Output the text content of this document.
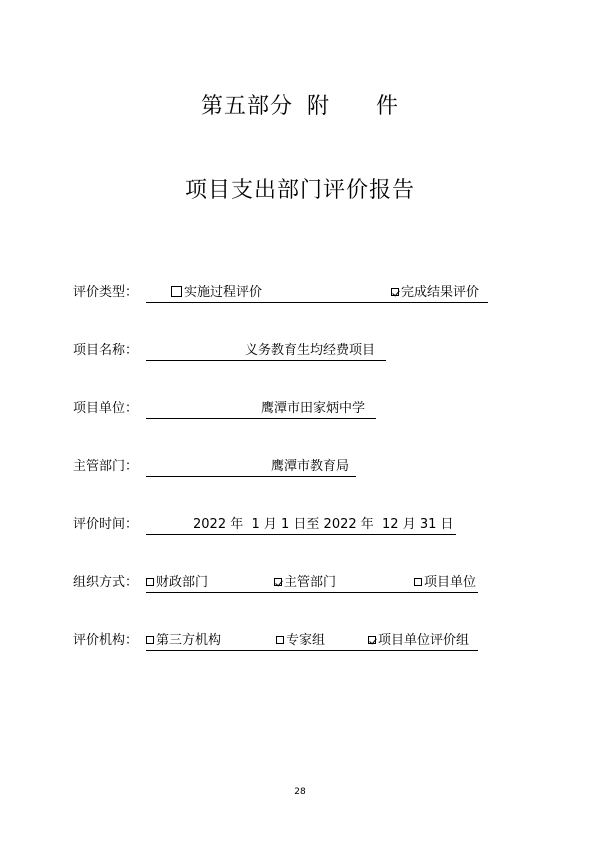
第五部分 附 件
项目支出部门评价报告
评价类型：	实施过程评价	完成结果评价
项目名称：	义务教育生均经费项目
项目单位：	鹰潭市田家炳中学
主管部门：	鹰潭市教育局
评价时间：	2022 年  1 月 1 日至 2022 年  12 月 31 日
组织方式：	财政部门	主管部门	项目单位
评价机构：	第三方机构	专家组	项目单位评价组
28
